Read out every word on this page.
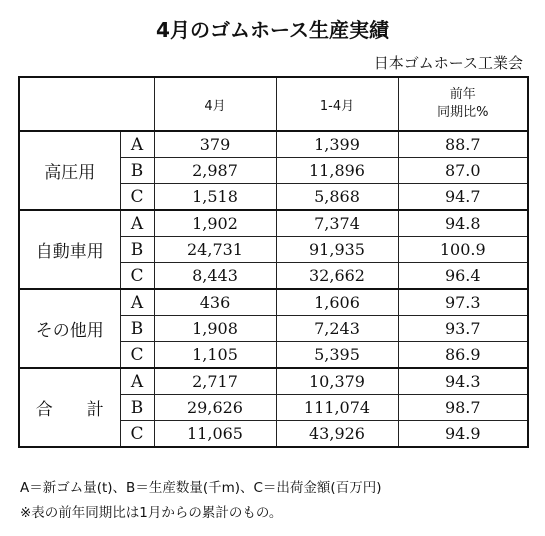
4月のゴムホース生産実績
日本ゴムホース工業会
		4月	1-4月	前年
同期比%

高圧用	A	379	1,399	88.7
	B	2,987	11,896	87.0
	C	1,518	5,868	94.7
自動車用	A	1,902	7,374	94.8
	B	24,731	91,935	100.9
	C	8,443	32,662	96.4
その他用	A	436	1,606	97.3
	B	1,908	7,243	93.7
	C	1,105	5,395	86.9
合　　計	A	2,717	10,379	94.3
	B	29,626	111,074	98.7
	C	11,065	43,926	94.9
A＝新ゴム量(t)、B＝生産数量(千m)、C＝出荷金額(百万円)
※表の前年同期比は1月からの累計のもの。
